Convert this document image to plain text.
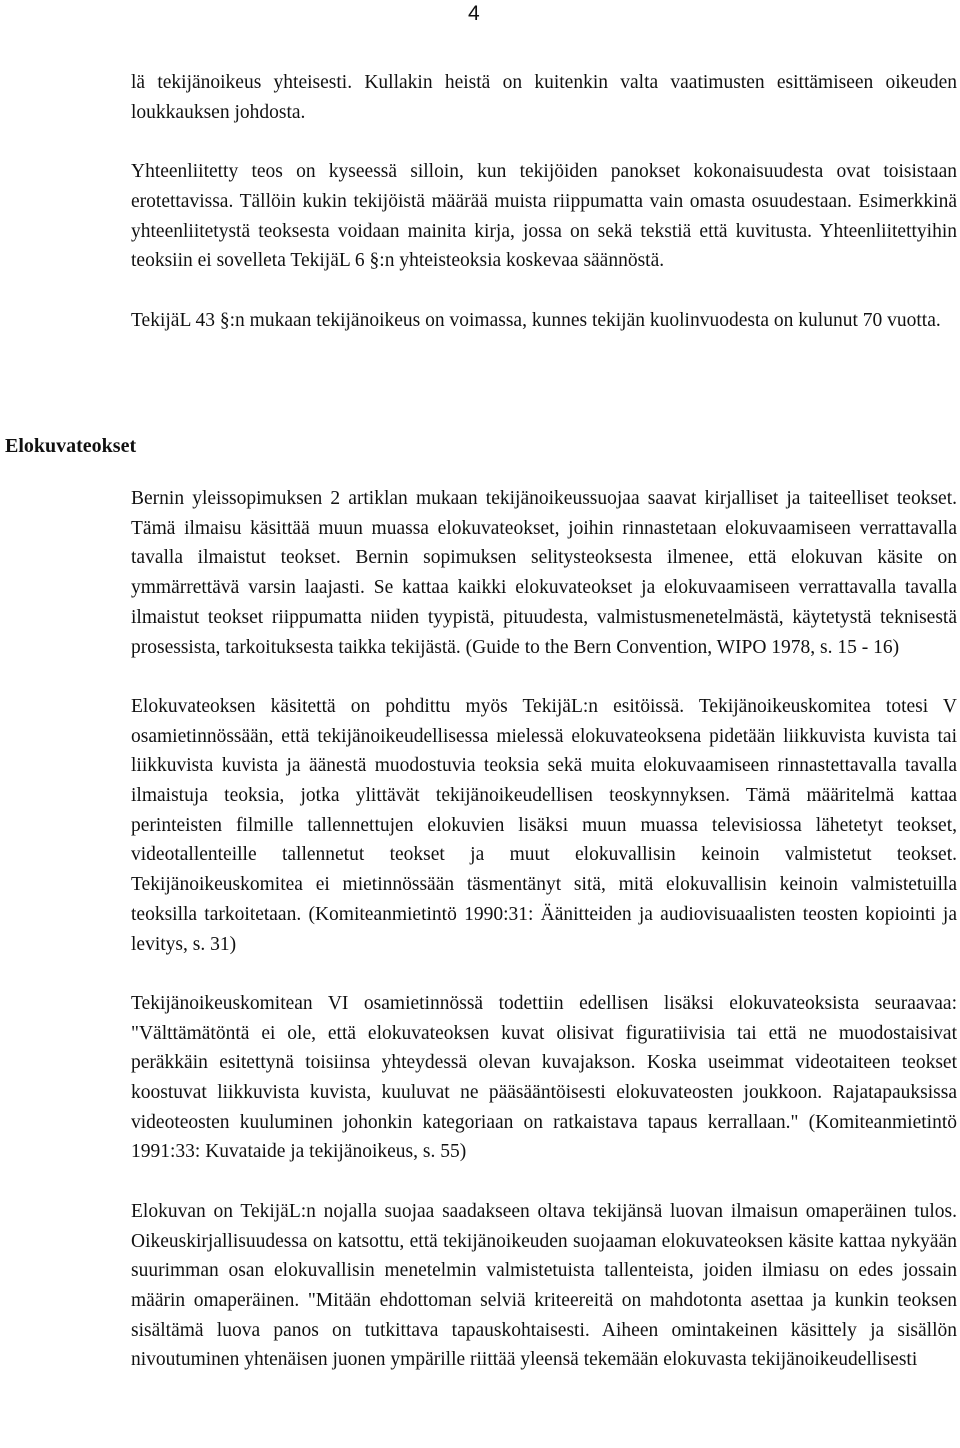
4

lä tekijänoikeus yhteisesti. Kullakin heistä on kuitenkin valta vaatimusten esittämiseen oikeuden loukkauksen johdosta.

Yhteenliitetty teos on kyseessä silloin, kun tekijöiden panokset kokonaisuudesta ovat toisistaan erotettavissa. Tällöin kukin tekijöistä määrää muista riippumatta vain omasta osuudestaan. Esimerkkinä yhteenliitetystä teoksesta voidaan mainita kirja, jossa on sekä tekstiä että kuvitusta. Yhteenliitettyihin teoksiin ei sovelleta TekijäL 6 §:n yhteisteoksia koskevaa säännöstä.

TekijäL 43 §:n mukaan tekijänoikeus on voimassa, kunnes tekijän kuolinvuodesta on kulunut 70 vuotta.

Elokuvateokset

Bernin yleissopimuksen 2 artiklan mukaan tekijänoikeussuojaa saavat kirjalliset ja taiteelliset teokset. Tämä ilmaisu käsittää muun muassa elokuvateokset, joihin rinnastetaan elokuvaamiseen verrattavalla tavalla ilmaistut teokset. Bernin sopimuksen selitysteoksesta ilmenee, että elokuvan käsite on ymmärrettävä varsin laajasti. Se kattaa kaikki elokuvateokset ja elokuvaamiseen verrattavalla tavalla ilmaistut teokset riippumatta niiden tyypistä, pituudesta, valmistusmenetelmästä, käytetystä teknisestä prosessista, tarkoituksesta taikka tekijästä. (Guide to the Bern Convention, WIPO 1978, s. 15 - 16)

Elokuvateoksen käsitettä on pohdittu myös TekijäL:n esitöissä. Tekijänoikeuskomitea totesi V osamietinnössään, että tekijänoikeudellisessa mielessä elokuvateoksena pidetään liikkuvista kuvista tai liikkuvista kuvista ja äänestä muodostuvia teoksia sekä muita elokuvaamiseen rinnastettavalla tavalla ilmaistuja teoksia, jotka ylittävät tekijänoikeudellisen teoskynnyksen. Tämä määritelmä kattaa perinteisten filmille tallennettujen elokuvien lisäksi muun muassa televisiossa lähetetyt teokset, videotallenteille tallennetut teokset ja muut elokuvallisin keinoin valmistetut teokset. Tekijänoikeuskomitea ei mietinnössään täsmentänyt sitä, mitä elokuvallisin keinoin valmistetuilla teoksilla tarkoitetaan. (Komiteanmietintö 1990:31: Äänitteiden ja audiovisuaalisten teosten kopiointi ja levitys, s. 31)

Tekijänoikeuskomitean VI osamietinnössä todettiin edellisen lisäksi elokuvateoksista seuraavaa: "Välttämätöntä ei ole, että elokuvateoksen kuvat olisivat figuratiivisia tai että ne muodostaisivat peräkkäin esitettynä toisiinsa yhteydessä olevan kuvajakson. Koska useimmat videotaiteen teokset koostuvat liikkuvista kuvista, kuuluvat ne pääsääntöisesti elokuvateosten joukkoon. Rajatapauksissa videoteosten kuuluminen johonkin kategoriaan on ratkaistava tapaus kerrallaan." (Komiteanmietintö 1991:33: Kuvataide ja tekijänoikeus, s. 55)

Elokuvan on TekijäL:n nojalla suojaa saadakseen oltava tekijänsä luovan ilmaisun omaperäinen tulos. Oikeuskirjallisuudessa on katsottu, että tekijänoikeuden suojaaman elokuvateoksen käsite kattaa nykyään suurimman osan elokuvallisin menetelmin valmistetuista tallenteista, joiden ilmiasu on edes jossain määrin omaperäinen. "Mitään ehdottoman selviä kriteereitä on mahdotonta asettaa ja kunkin teoksen sisältämä luova panos on tutkittava tapauskohtaisesti. Aiheen omintakeinen käsittely ja sisällön nivoutuminen yhtenäisen juonen ympärille riittää yleensä tekemään elokuvasta tekijänoikeudellisesti
